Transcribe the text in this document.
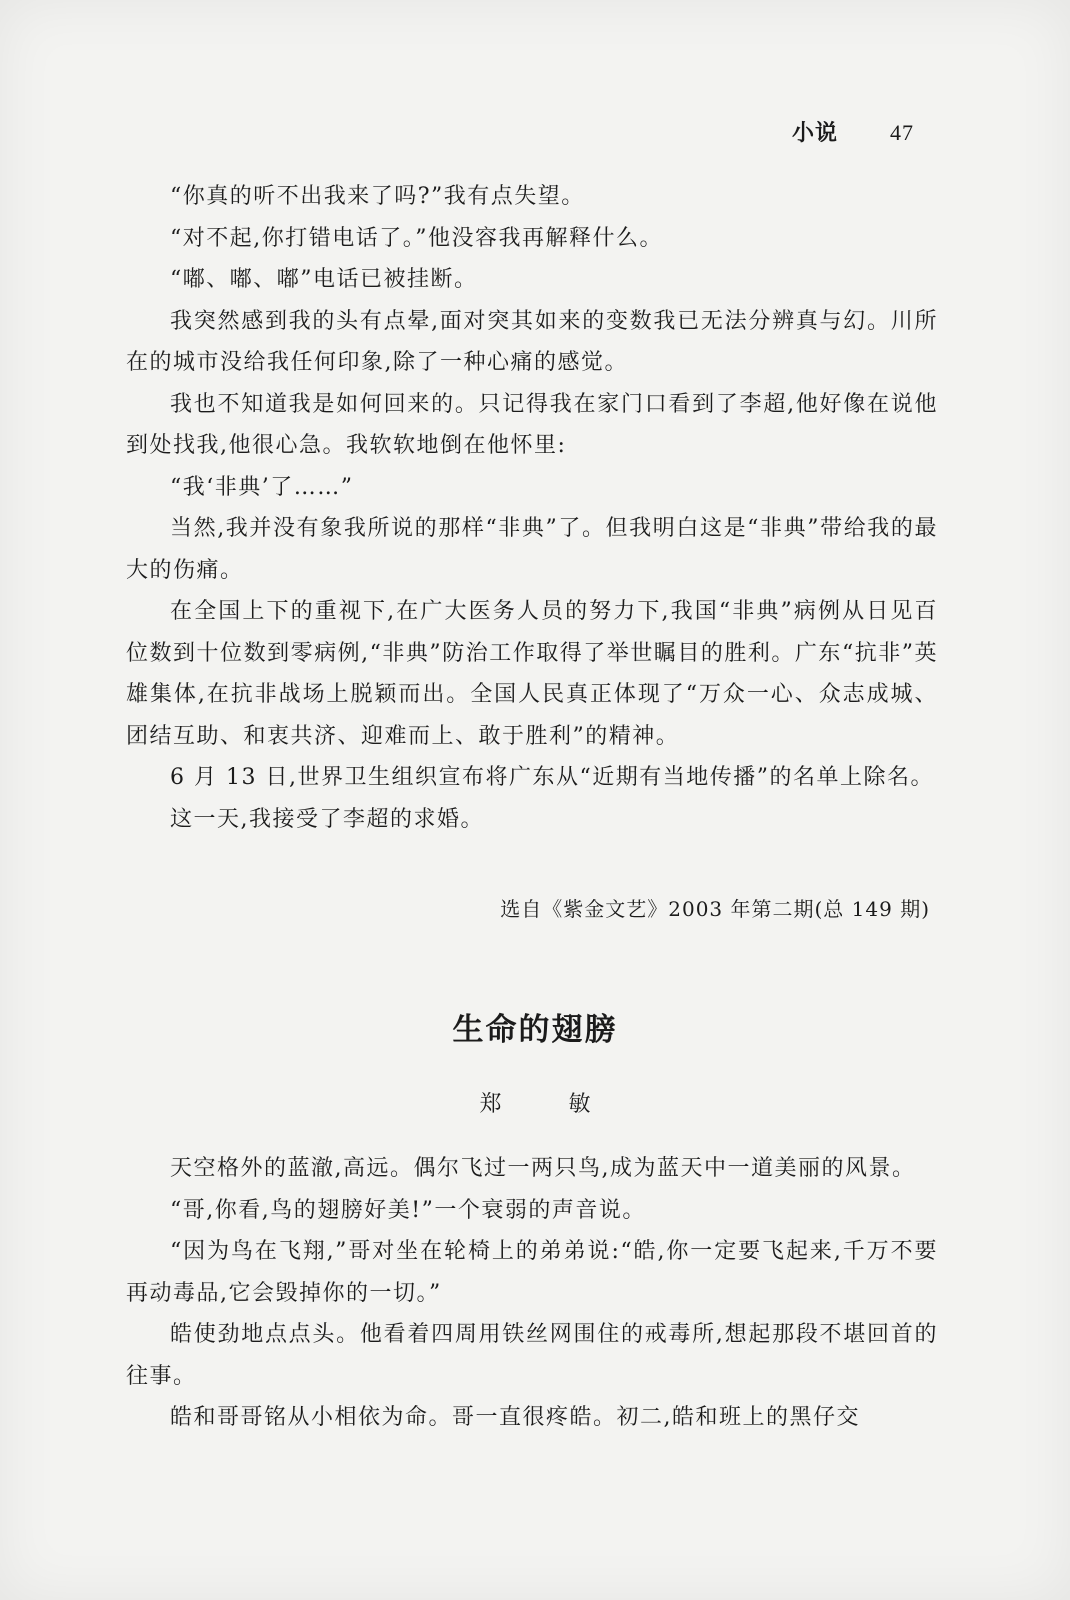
小说 47

“你真的听不出我来了吗?”我有点失望。

“对不起,你打错电话了。”他没容我再解释什么。

“嘟、嘟、嘟”电话已被挂断。

我突然感到我的头有点晕,面对突其如来的变数我已无法分辨真与幻。川所在的城市没给我任何印象,除了一种心痛的感觉。

我也不知道我是如何回来的。只记得我在家门口看到了李超,他好像在说他到处找我,他很心急。我软软地倒在他怀里:

“我‘非典’了……”

当然,我并没有象我所说的那样“非典”了。但我明白这是“非典”带给我的最大的伤痛。

在全国上下的重视下,在广大医务人员的努力下,我国“非典”病例从日见百位数到十位数到零病例,“非典”防治工作取得了举世瞩目的胜利。广东“抗非”英雄集体,在抗非战场上脱颖而出。全国人民真正体现了“万众一心、众志成城、团结互助、和衷共济、迎难而上、敢于胜利”的精神。

6 月 13 日,世界卫生组织宣布将广东从“近期有当地传播”的名单上除名。

这一天,我接受了李超的求婚。

选自《紫金文艺》2003 年第二期(总 149 期)
生命的翅膀
郑 敏

天空格外的蓝澈,高远。偶尔飞过一两只鸟,成为蓝天中一道美丽的风景。

“哥,你看,鸟的翅膀好美!”一个衰弱的声音说。

“因为鸟在飞翔,”哥对坐在轮椅上的弟弟说:“皓,你一定要飞起来,千万不要再动毒品,它会毁掉你的一切。”

皓使劲地点点头。他看着四周用铁丝网围住的戒毒所,想起那段不堪回首的往事。

皓和哥哥铭从小相依为命。哥一直很疼皓。初二,皓和班上的黑仔交
